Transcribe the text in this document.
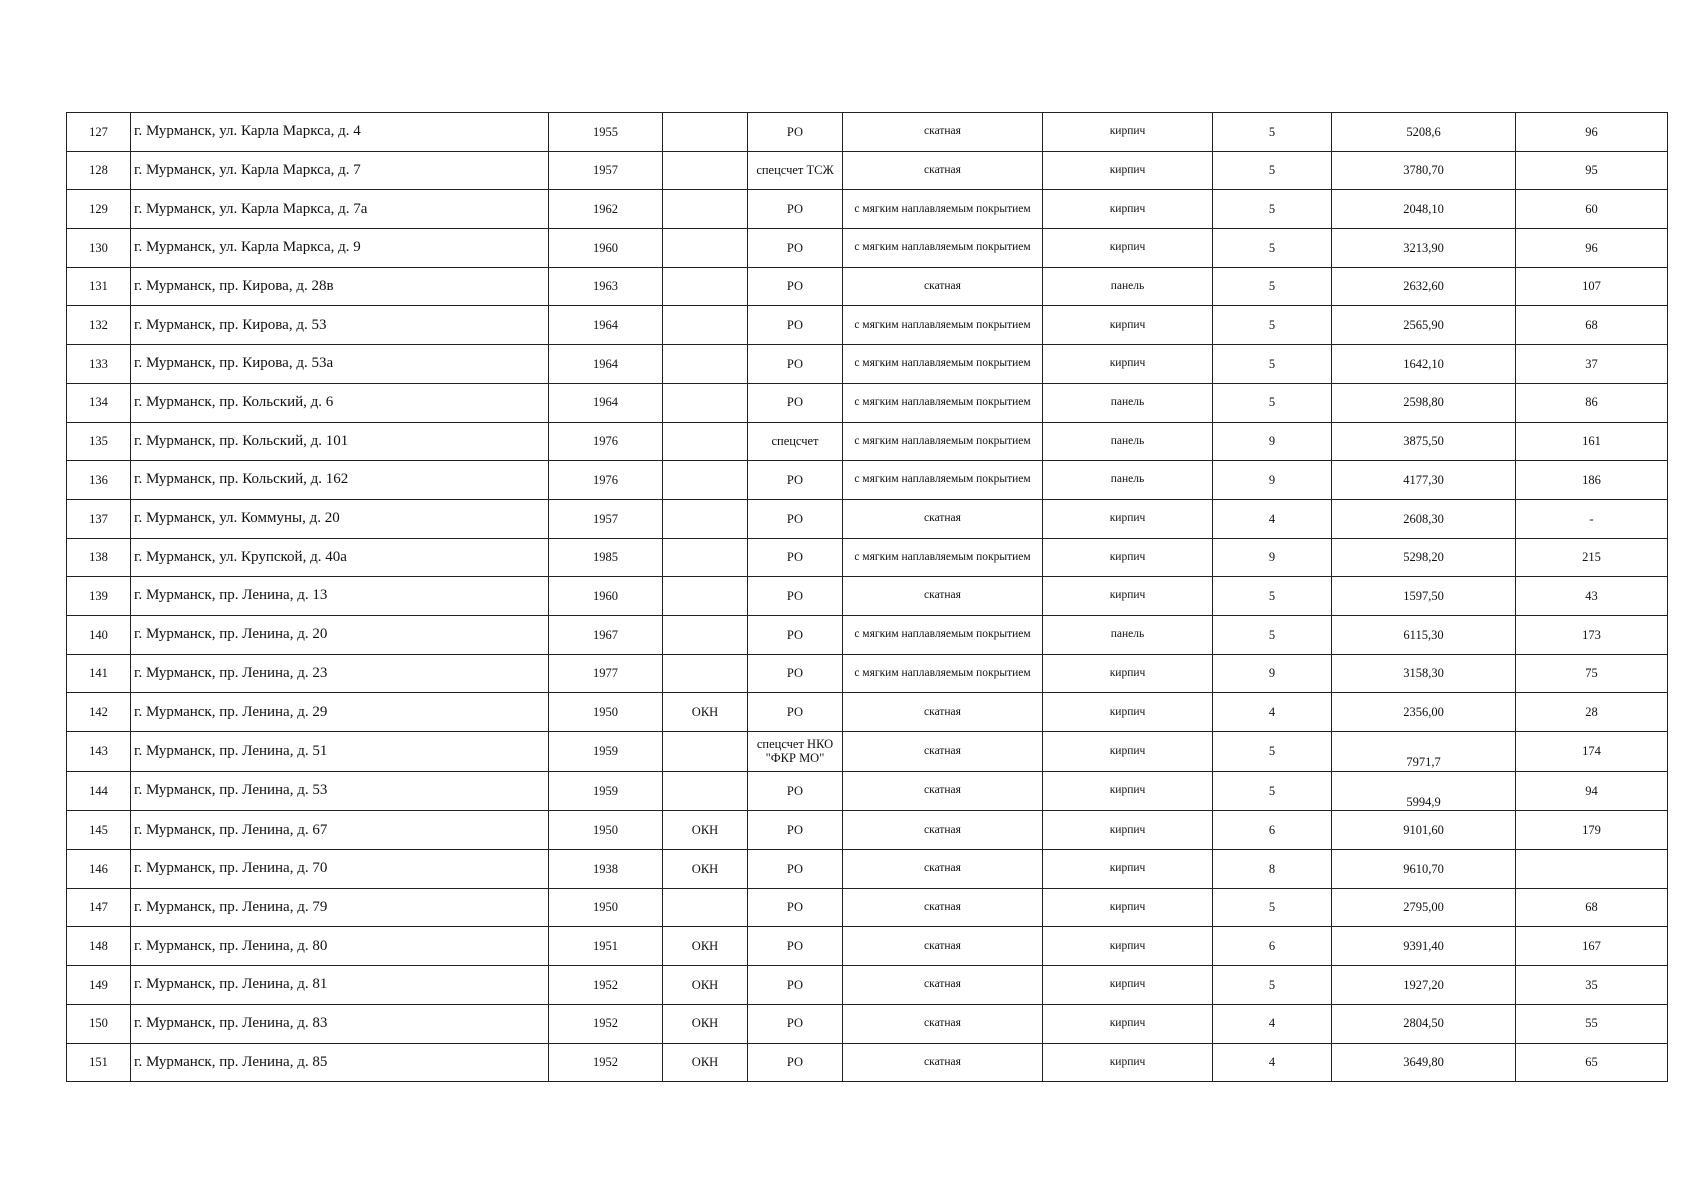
127	г. Мурманск, ул. Карла Маркса, д. 4	1955		РО	скатная	кирпич	5	5208,6	96
128	г. Мурманск, ул. Карла Маркса, д. 7	1957		спецсчет ТСЖ	скатная	кирпич	5	3780,70	95
129	г. Мурманск, ул. Карла Маркса, д. 7а	1962		РО	с мягким наплавляемым покрытием	кирпич	5	2048,10	60
130	г. Мурманск, ул. Карла Маркса, д. 9	1960		РО	с мягким наплавляемым покрытием	кирпич	5	3213,90	96
131	г. Мурманск, пр. Кирова, д. 28в	1963		РО	скатная	панель	5	2632,60	107
132	г. Мурманск, пр. Кирова, д. 53	1964		РО	с мягким наплавляемым покрытием	кирпич	5	2565,90	68
133	г. Мурманск, пр. Кирова, д. 53а	1964		РО	с мягким наплавляемым покрытием	кирпич	5	1642,10	37
134	г. Мурманск, пр. Кольский, д. 6	1964		РО	с мягким наплавляемым покрытием	панель	5	2598,80	86
135	г. Мурманск, пр. Кольский, д. 101	1976		спецсчет	с мягким наплавляемым покрытием	панель	9	3875,50	161
136	г. Мурманск, пр. Кольский, д. 162	1976		РО	с мягким наплавляемым покрытием	панель	9	4177,30	186
137	г. Мурманск, ул. Коммуны, д. 20	1957		РО	скатная	кирпич	4	2608,30	-
138	г. Мурманск, ул. Крупской, д. 40а	1985		РО	с мягким наплавляемым покрытием	кирпич	9	5298,20	215
139	г. Мурманск, пр. Ленина, д. 13	1960		РО	скатная	кирпич	5	1597,50	43
140	г. Мурманск, пр. Ленина, д. 20	1967		РО	с мягким наплавляемым покрытием	панель	5	6115,30	173
141	г. Мурманск, пр. Ленина, д. 23	1977		РО	с мягким наплавляемым покрытием	кирпич	9	3158,30	75
142	г. Мурманск, пр. Ленина, д. 29	1950	ОКН	РО	скатная	кирпич	4	2356,00	28
143	г. Мурманск, пр. Ленина, д. 51	1959		спецсчет НКО "ФКР МО"	скатная	кирпич	5	7971,7	174
144	г. Мурманск, пр. Ленина, д. 53	1959		РО	скатная	кирпич	5	5994,9	94
145	г. Мурманск, пр. Ленина, д. 67	1950	ОКН	РО	скатная	кирпич	6	9101,60	179
146	г. Мурманск, пр. Ленина, д. 70	1938	ОКН	РО	скатная	кирпич	8	9610,70	
147	г. Мурманск, пр. Ленина, д. 79	1950		РО	скатная	кирпич	5	2795,00	68
148	г. Мурманск, пр. Ленина, д. 80	1951	ОКН	РО	скатная	кирпич	6	9391,40	167
149	г. Мурманск, пр. Ленина, д. 81	1952	ОКН	РО	скатная	кирпич	5	1927,20	35
150	г. Мурманск, пр. Ленина, д. 83	1952	ОКН	РО	скатная	кирпич	4	2804,50	55
151	г. Мурманск, пр. Ленина, д. 85	1952	ОКН	РО	скатная	кирпич	4	3649,80	65
